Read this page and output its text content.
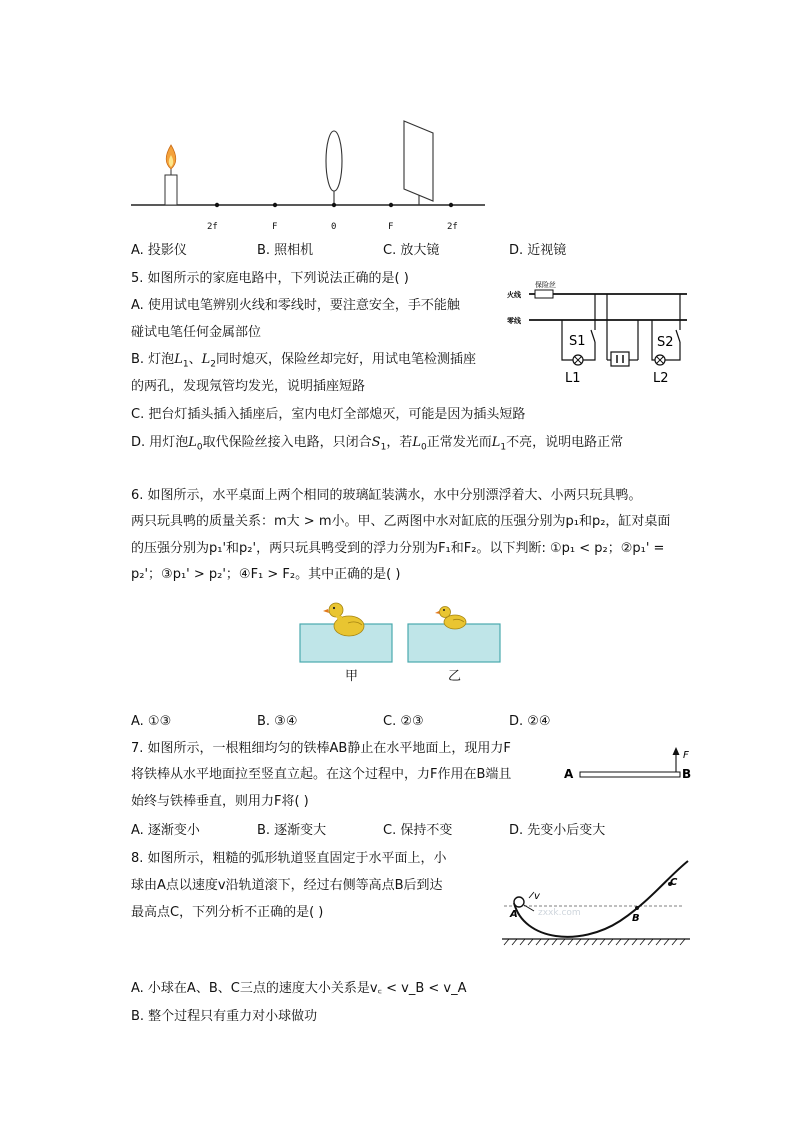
2f	F	0	F	2f
A. 投影仪	B. 照相机	C. 放大镜	D. 近视镜
5. 如图所示的家庭电路中，下列说法正确的是( )
A. 使用试电笔辨别火线和零线时，要注意安全，手不能触
碰试电笔任何金属部位
B. 灯泡$L_1$、$L_2$同时熄灭，保险丝却完好，用试电笔检测插座
的两孔，发现氖管均发光，说明插座短路
C. 把台灯插头插入插座后，室内电灯全部熄灭，可能是因为插头短路
D. 用灯泡$L_0$取代保险丝接入电路，只闭合$S_1$，若$L_0$正常发光而$L_1$不亮，说明电路正常
保险丝
火线
零线
S1
L1
S2
L2
6. 如图所示，水平桌面上两个相同的玻璃缸装满水，水中分别漂浮着大、小两只玩具鸭。
两只玩具鸭的质量关系：m大 > m小。甲、乙两图中水对缸底的压强分别为p₁和p₂，缸对桌面
的压强分别为p₁'和p₂'，两只玩具鸭受到的浮力分别为F₁和F₂。以下判断: ①p₁ < p₂；②p₁' =
p₂'；③p₁' > p₂'；④F₁ > F₂。其中正确的是( )
甲	乙
A. ①③	B. ③④	C. ②③	D. ②④
7. 如图所示，一根粗细均匀的铁棒AB静止在水平地面上，现用力F
将铁棒从水平地面拉至竖直立起。在这个过程中，力F作用在B端且
始终与铁棒垂直，则用力F将( )
A	B
F
A. 逐渐变小	B. 逐渐变大	C. 保持不变	D. 先变小后变大
8. 如图所示，粗糙的弧形轨道竖直固定于水平面上，小
球由A点以速度v沿轨道滚下，经过右侧等高点B后到达
最高点C，下列分析不正确的是( )	A	B
C
v
zxxk.com
A. 小球在A、B、C三点的速度大小关系是v꜀ < v_B < v_A
B. 整个过程只有重力对小球做功
